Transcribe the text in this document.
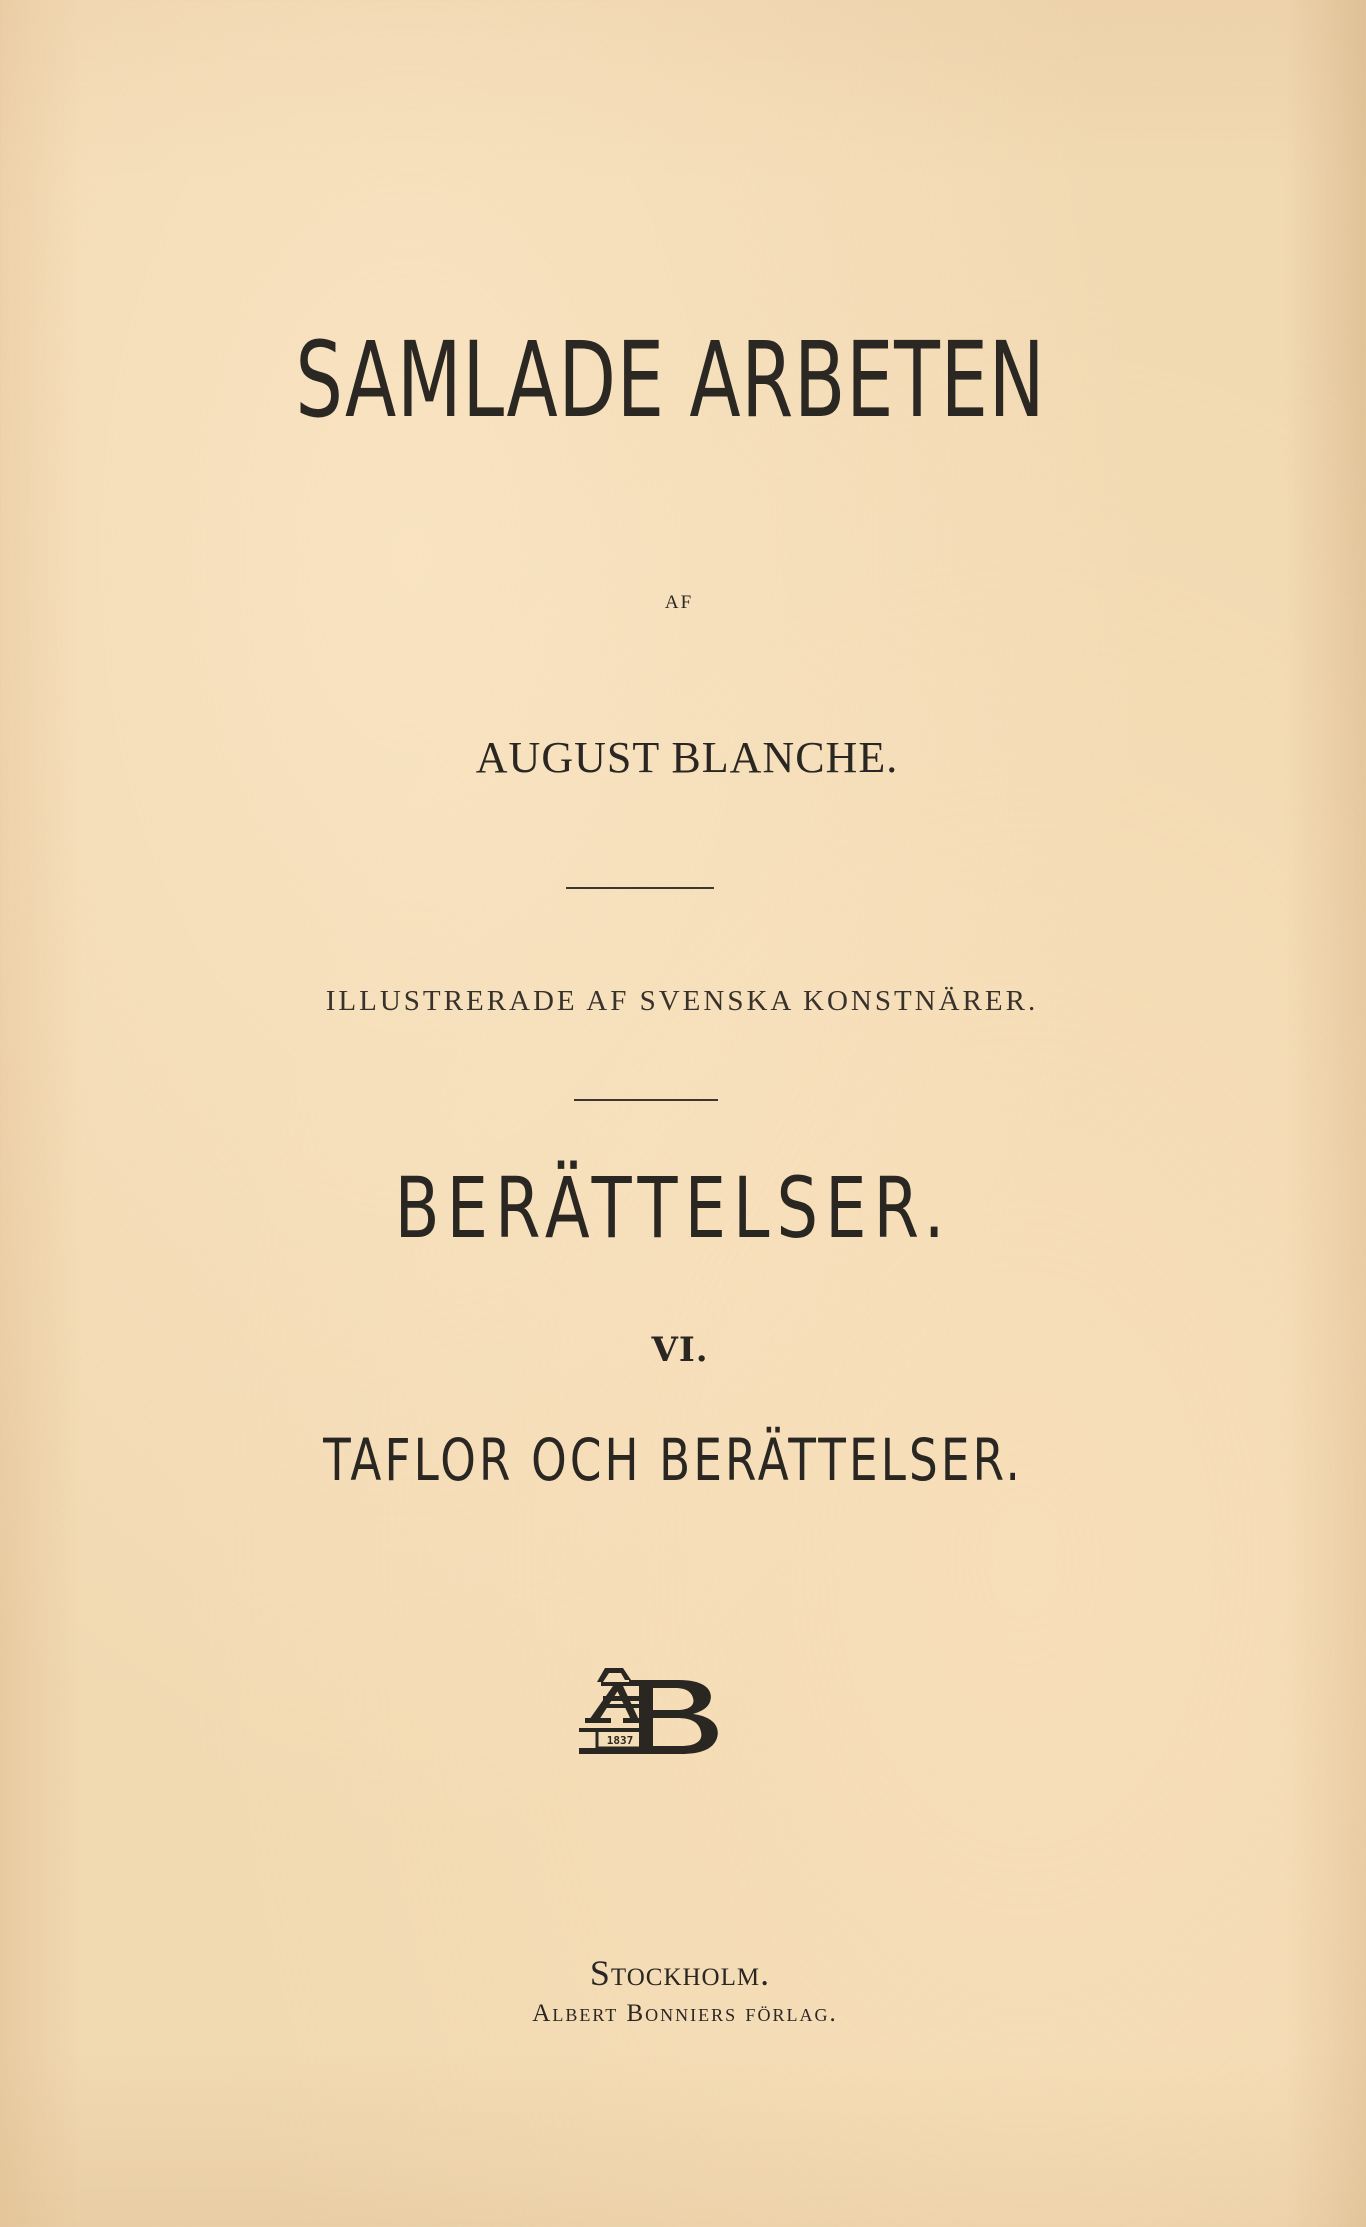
SAMLADE ARBETEN
AF
AUGUST BLANCHE.
ILLUSTRERADE AF SVENSKA KONSTNÄRER.
BERÄTTELSER.
VI.
TAFLOR OCH BERÄTTELSER.
1837
Stockholm.
Albert Bonniers förlag.
